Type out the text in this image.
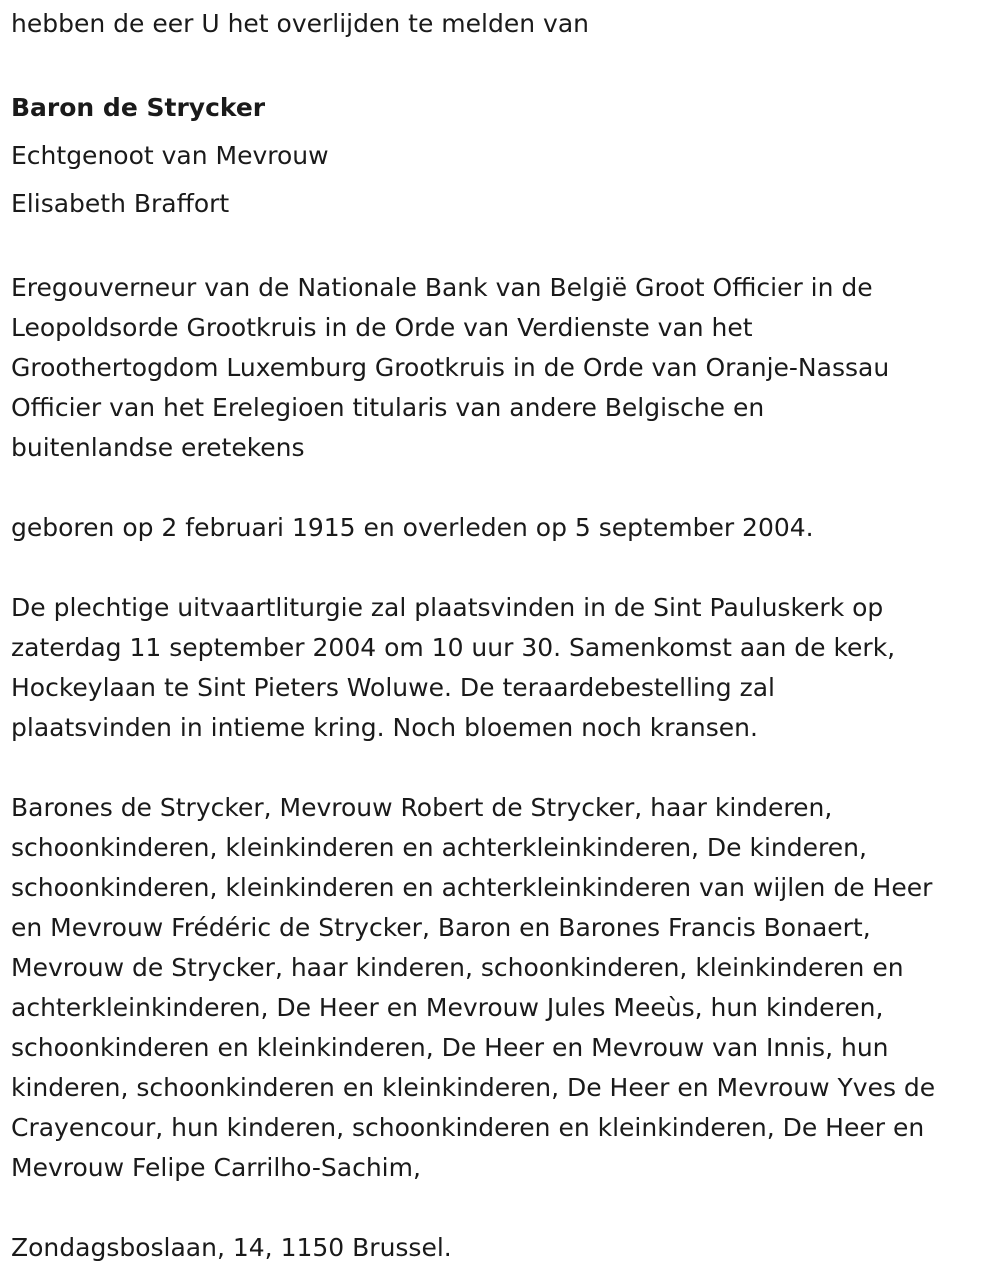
hebben de eer U het overlijden te melden van

Baron de Strycker

Echtgenoot van Mevrouw

Elisabeth Braffort

Eregouverneur van de Nationale Bank van België Groot Officier in de

Leopoldsorde Grootkruis in de Orde van Verdienste van het

Groothertogdom Luxemburg Grootkruis in de Orde van Oranje-Nassau

Officier van het Erelegioen titularis van andere Belgische en

buitenlandse eretekens

geboren op 2 februari 1915 en overleden op 5 september 2004.

De plechtige uitvaartliturgie zal plaatsvinden in de Sint Pauluskerk op

zaterdag 11 september 2004 om 10 uur 30. Samenkomst aan de kerk,

Hockeylaan te Sint Pieters Woluwe. De teraardebestelling zal

plaatsvinden in intieme kring. Noch bloemen noch kransen.

Barones de Strycker, Mevrouw Robert de Strycker, haar kinderen,

schoonkinderen, kleinkinderen en achterkleinkinderen, De kinderen,

schoonkinderen, kleinkinderen en achterkleinkinderen van wijlen de Heer

en Mevrouw Frédéric de Strycker, Baron en Barones Francis Bonaert,

Mevrouw de Strycker, haar kinderen, schoonkinderen, kleinkinderen en

achterkleinkinderen, De Heer en Mevrouw Jules Meeùs, hun kinderen,

schoonkinderen en kleinkinderen, De Heer en Mevrouw van Innis, hun

kinderen, schoonkinderen en kleinkinderen, De Heer en Mevrouw Yves de

Crayencour, hun kinderen, schoonkinderen en kleinkinderen, De Heer en

Mevrouw Felipe Carrilho-Sachim,

Zondagsboslaan, 14, 1150 Brussel.
